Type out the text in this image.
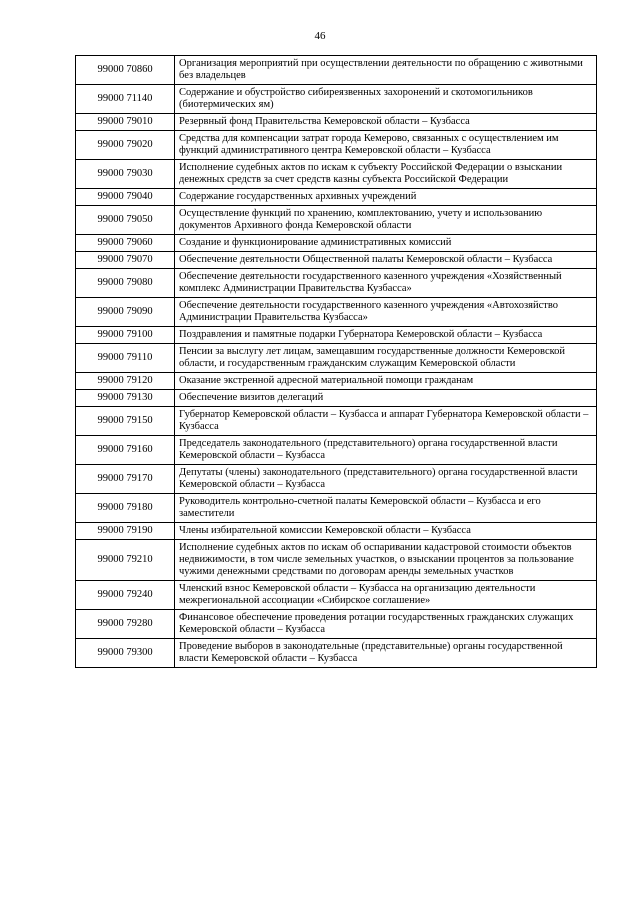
46
99000 70860	Организация мероприятий при осуществлении деятельности по обращению с животными без владельцев
99000 71140	Содержание и обустройство сибиреязвенных захоронений и скотомогильников (биотермических ям)
99000 79010	Резервный фонд Правительства Кемеровской области – Кузбасса
99000 79020	Средства для компенсации затрат города Кемерово, связанных с осуществлением им функций административного центра Кемеровской области – Кузбасса
99000 79030	Исполнение судебных актов по искам к субъекту Российской Федерации о взыскании денежных средств за счет средств казны субъекта Российской Федерации
99000 79040	Содержание государственных архивных учреждений
99000 79050	Осуществление функций по хранению, комплектованию, учету и использованию документов Архивного фонда Кемеровской области
99000 79060	Создание и функционирование административных комиссий
99000 79070	Обеспечение деятельности Общественной палаты Кемеровской области – Кузбасса
99000 79080	Обеспечение деятельности государственного казенного учреждения «Хозяйственный комплекс Администрации Правительства Кузбасса»
99000 79090	Обеспечение деятельности государственного казенного учреждения «Автохозяйство Администрации Правительства Кузбасса»
99000 79100	Поздравления и памятные подарки Губернатора Кемеровской области – Кузбасса
99000 79110	Пенсии за выслугу лет лицам, замещавшим государственные должности Кемеровской области, и государственным гражданским служащим Кемеровской области
99000 79120	Оказание экстренной адресной материальной помощи гражданам
99000 79130	Обеспечение визитов делегаций
99000 79150	Губернатор Кемеровской области – Кузбасса и аппарат Губернатора Кемеровской области – Кузбасса
99000 79160	Председатель законодательного (представительного) органа государственной власти Кемеровской области – Кузбасса
99000 79170	Депутаты (члены) законодательного (представительного) органа государственной власти Кемеровской области – Кузбасса
99000 79180	Руководитель контрольно-счетной палаты Кемеровской области – Кузбасса и его заместители
99000 79190	Члены избирательной комиссии Кемеровской области – Кузбасса
99000 79210	Исполнение судебных актов по искам об оспаривании кадастровой стоимости объектов недвижимости, в том числе земельных участков, о взыскании процентов за пользование чужими денежными средствами по договорам аренды земельных участков
99000 79240	Членский взнос Кемеровской области – Кузбасса на организацию деятельности межрегиональной ассоциации «Сибирское соглашение»
99000 79280	Финансовое обеспечение проведения ротации государственных гражданских служащих Кемеровской области – Кузбасса
99000 79300	Проведение выборов в законодательные (представительные) органы государственной власти Кемеровской области – Кузбасса
